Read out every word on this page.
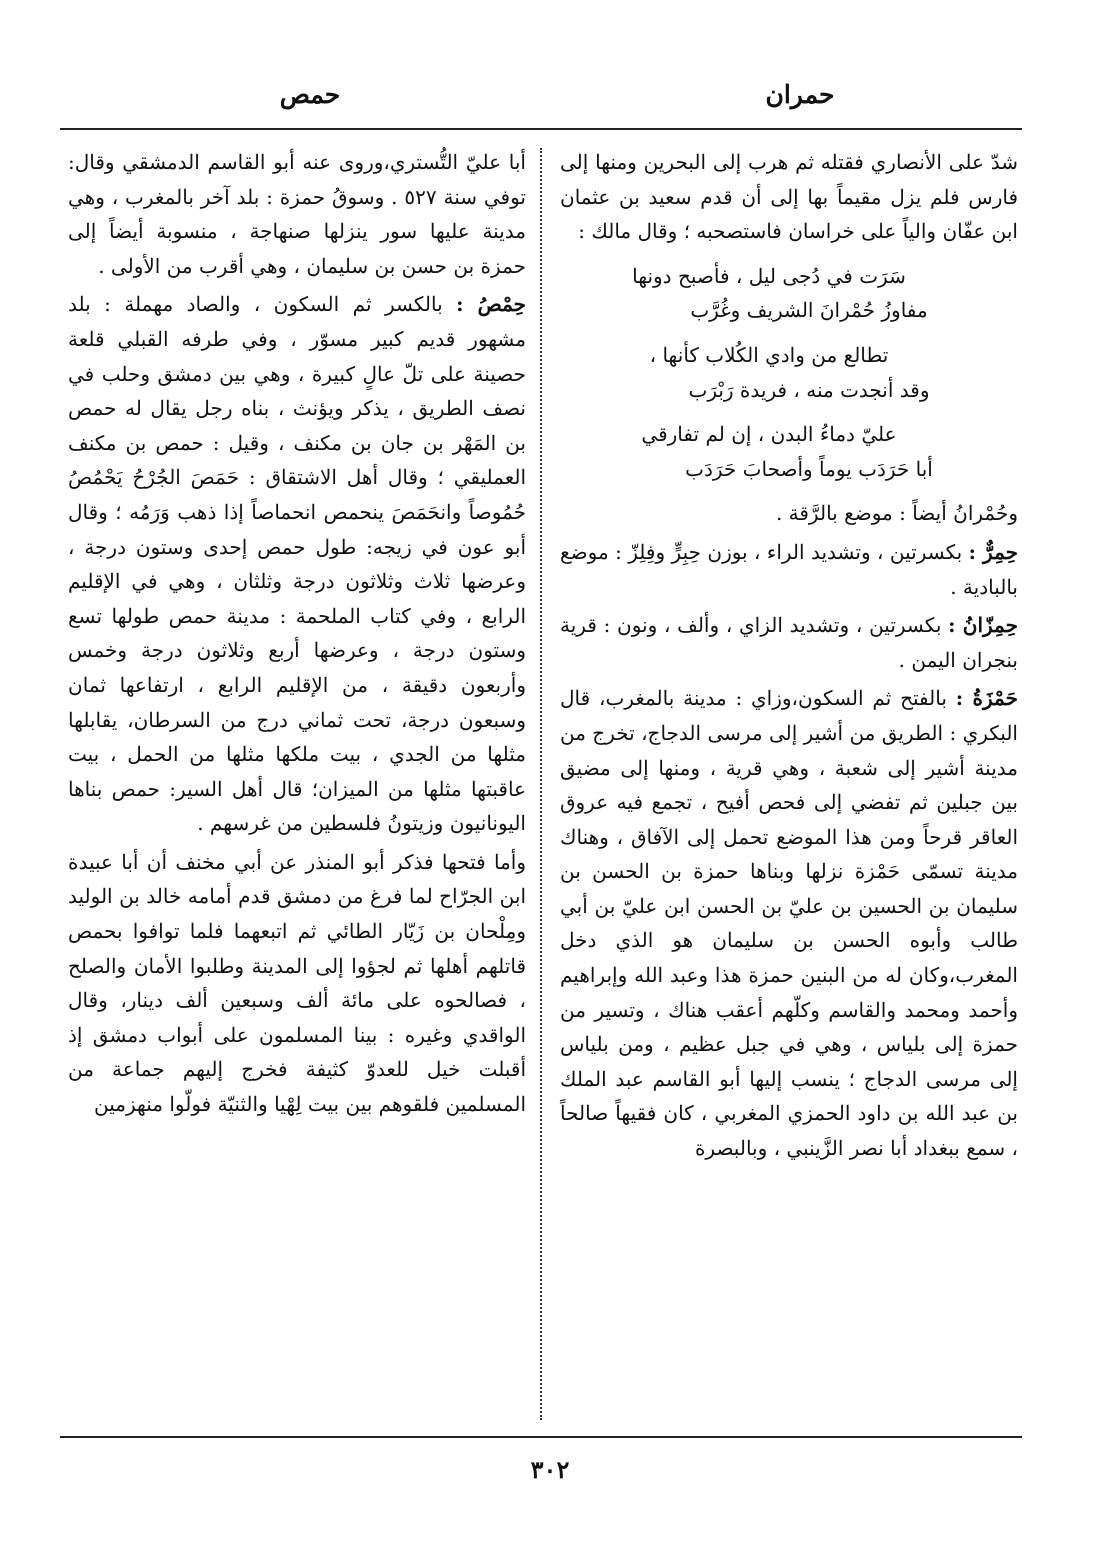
حمران
حمص

شدّ على الأنصاري فقتله ثم هرب إلى البحرين ومنها إلى فارس فلم يزل مقيماً بها إلى أن قدم سعيد بن عثمان ابن عفّان والياً على خراسان فاستصحبه ؛ وقال مالك :

سَرَت في دُجى ليل ، فأصبح دونها
مفاوزُ حُمْرانَ الشريف وغُرَّب
تطالع من وادي الكُلاب كأنها ،
وقد أنجدت منه ، فريدة رَبْرَب
عليّ دماءُ البدن ، إن لم تفارقي
أبا حَرَدَب يوماً وأصحابَ حَرَدَب

وحُمْرانُ أيضاً : موضع بالرَّقة .

حِمِرٌّ : بكسرتين ، وتشديد الراء ، بوزن حِبِرٍّ وفِلِزّ : موضع بالبادية .

حِمِزّانُ : بكسرتين ، وتشديد الزاي ، وألف ، ونون : قرية بنجران اليمن .

حَمْزَةُ : بالفتح ثم السكون،وزاي : مدينة بالمغرب، قال البكري : الطريق من أشير إلى مرسى الدجاج، تخرج من مدينة أشير إلى شعبة ، وهي قرية ، ومنها إلى مضيق بين جبلين ثم تفضي إلى فحص أفيح ، تجمع فيه عروق العاقر قرحاً ومن هذا الموضع تحمل إلى الآفاق ، وهناك مدينة تسمّى حَمْزة نزلها وبناها حمزة بن الحسن بن سليمان بن الحسين بن عليّ بن الحسن ابن عليّ بن أبي طالب وأبوه الحسن بن سليمان هو الذي دخل المغرب،وكان له من البنين حمزة هذا وعبد الله وإبراهيم وأحمد ومحمد والقاسم وكلّهم أعقب هناك ، وتسير من حمزة إلى بلياس ، وهي في جبل عظيم ، ومن بلياس إلى مرسى الدجاج ؛ ينسب إليها أبو القاسم عبد الملك بن عبد الله بن داود الحمزي المغربي ، كان فقيهاً صالحاً ، سمع ببغداد أبا نصر الزَّينبي ، وبالبصرة

أبا عليّ التُّستري،وروى عنه أبو القاسم الدمشقي وقال: توفي سنة ٥٢٧ . وسوقُ حمزة : بلد آخر بالمغرب ، وهي مدينة عليها سور ينزلها صنهاجة ، منسوبة أيضاً إلى حمزة بن حسن بن سليمان ، وهي أقرب من الأولى .

حِمْصُ : بالكسر ثم السكون ، والصاد مهملة : بلد مشهور قديم كبير مسوّر ، وفي طرفه القبلي قلعة حصينة على تلّ عالٍ كبيرة ، وهي بين دمشق وحلب في نصف الطريق ، يذكر ويؤنث ، بناه رجل يقال له حمص بن المَهْر بن جان بن مكنف ، وقيل : حمص بن مكنف العمليقي ؛ وقال أهل الاشتقاق : حَمَصَ الجُرْحُ يَحْمُصُ حُمُوصاً وانحَمَصَ ينحمص انحماصاً إذا ذهب وَرَمُه ؛ وقال أبو عون في زيجه: طول حمص إحدى وستون درجة ، وعرضها ثلاث وثلاثون درجة وثلثان ، وهي في الإقليم الرابع ، وفي كتاب الملحمة : مدينة حمص طولها تسع وستون درجة ، وعرضها أربع وثلاثون درجة وخمس وأربعون دقيقة ، من الإقليم الرابع ، ارتفاعها ثمان وسبعون درجة، تحت ثماني درج من السرطان، يقابلها مثلها من الجدي ، بيت ملكها مثلها من الحمل ، بيت عاقبتها مثلها من الميزان؛ قال أهل السير: حمص بناها اليونانيون وزيتونُ فلسطين من غرسهم .

وأما فتحها فذكر أبو المنذر عن أبي مخنف أن أبا عبيدة ابن الجرّاح لما فرغ من دمشق قدم أمامه خالد بن الوليد ومِلْحان بن زَيّار الطائي ثم اتبعهما فلما توافوا بحمص قاتلهم أهلها ثم لجؤوا إلى المدينة وطلبوا الأمان والصلح ، فصالحوه على مائة ألف وسبعين ألف دينار، وقال الواقدي وغيره : بينا المسلمون على أبواب دمشق إذ أقبلت خيل للعدوّ كثيفة فخرج إليهم جماعة من المسلمين فلقوهم بين بيت لِهْيا والثنيّة فولّوا منهزمين

٣٠٢
